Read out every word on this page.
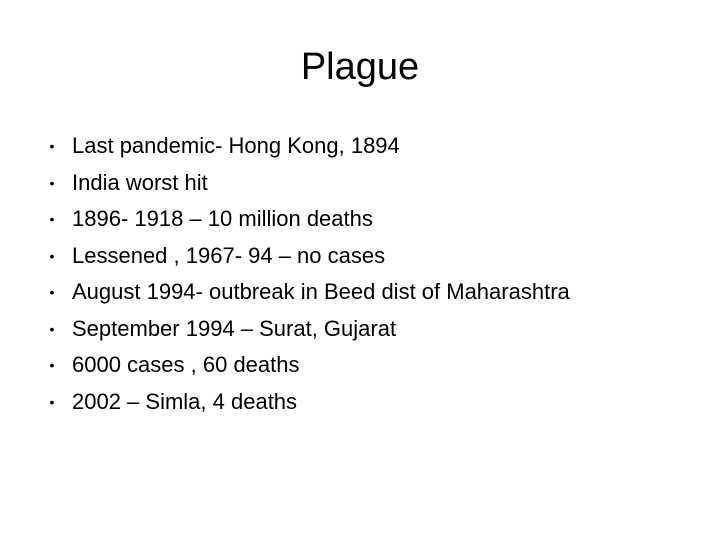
Plague
• Last pandemic- Hong Kong, 1894
• India worst hit
• 1896- 1918 – 10 million deaths
• Lessened , 1967- 94 – no cases
• August 1994- outbreak in Beed dist of Maharashtra
• September 1994 – Surat, Gujarat
• 6000 cases , 60 deaths
• 2002 – Simla, 4 deaths
